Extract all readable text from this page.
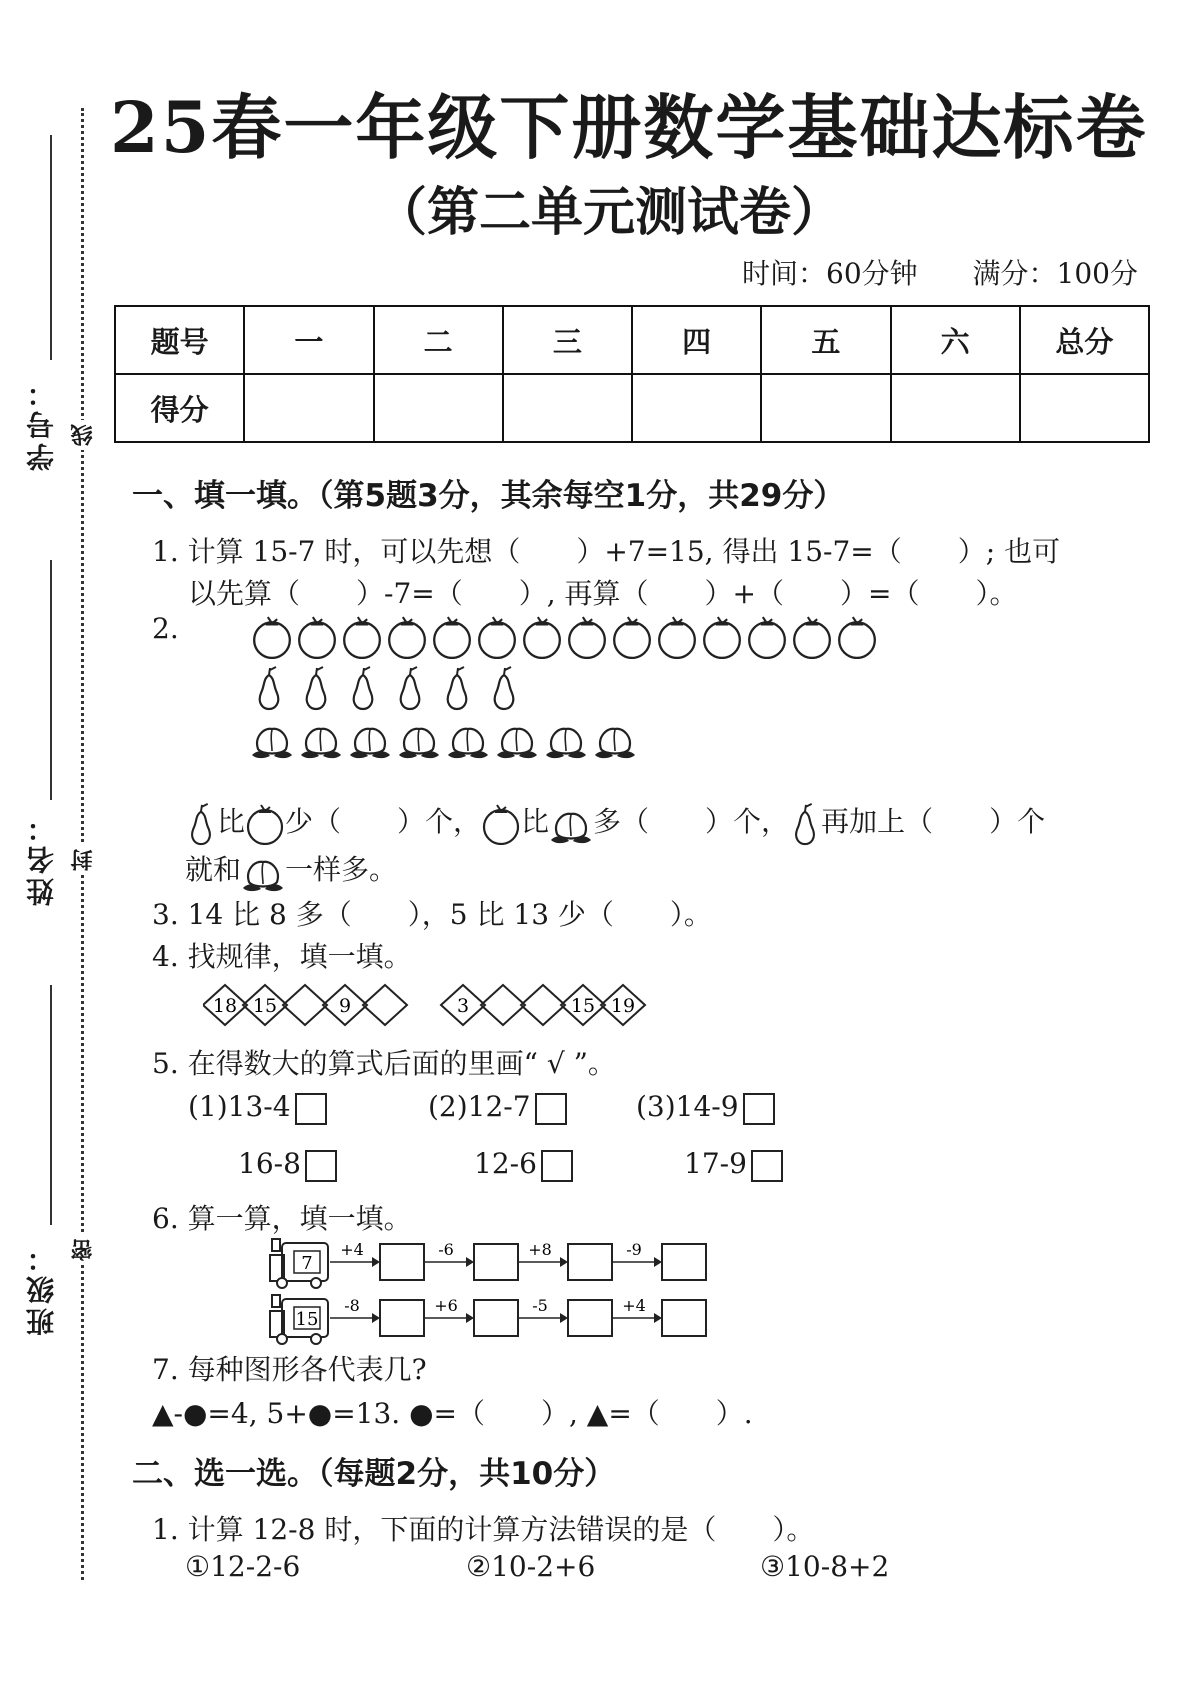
学号：
姓名：
班级：
线
封
密
25春一年级下册数学基础达标卷
（第二单元测试卷）
时间：60分钟 满分：100分
题号	一	二	三	四	五	六	总分
得分							
一、填一填。（第5题3分，其余每空1分，共29分）
1. 计算 15-7 时，可以先想（　　）+7=15, 得出 15-7=（　　）; 也可
以先算（　　）-7=（　　）, 再算（　　）+（　　）=（　　）。
2.
比 少（　　）个， 比 多（　　）个， 再加上（　　）个
就和 一样多。
3. 14 比 8 多（　　），5 比 13 少（　　）。
4. 找规律，填一填。
18 15	9	3	15 19
5. 在得数大的算式后面的里画“ √ ”。
(1)13-4	(2)12-7	(3)14-9
16-8	12-6	17-9
6. 算一算，填一填。
7
+4	-6	+8	-9
15
-8	+6	-5	+4
7. 每种图形各代表几?
▲-●=4, 5+●=13. ●=（　　）, ▲=（　　）.
二、选一选。（每题2分，共10分）
1. 计算 12-8 时，下面的计算方法错误的是（　　）。
①12-2-6	②10-2+6	③10-8+2
